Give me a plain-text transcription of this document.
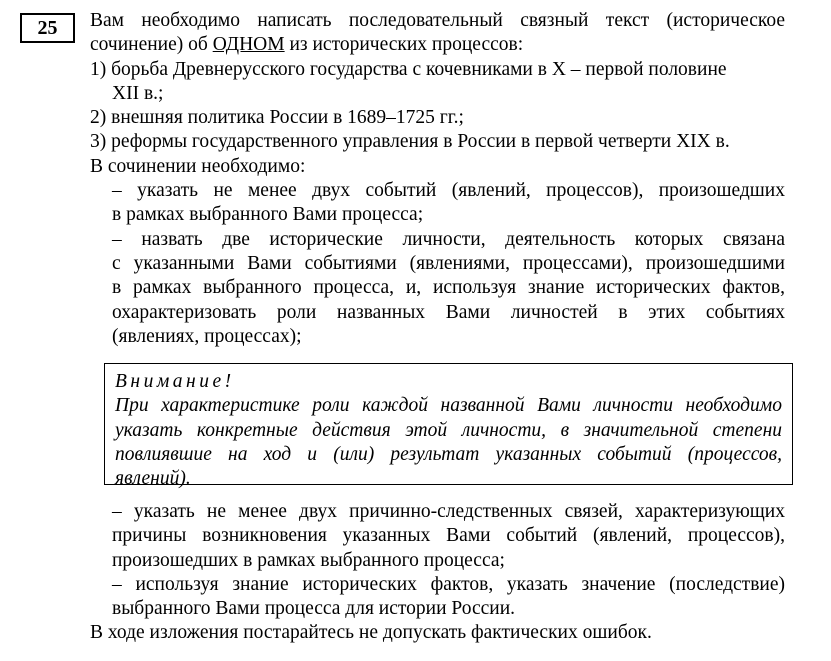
25	Вам необходимо написать последовательный связный текст (историческое
сочинение) об ОДНОМ из исторических процессов:
1) борьба Древнерусского государства с кочевниками в X – первой половине
XII в.;
2) внешняя политика России в 1689–1725 гг.;
3) реформы государственного управления в России в первой четверти XIX в.
В сочинении необходимо:
– указать не менее двух событий (явлений, процессов), произошедших
в рамках выбранного Вами процесса;
– назвать две исторические личности, деятельность которых связана
с указанными Вами событиями (явлениями, процессами), произошедшими
в рамках выбранного процесса, и, используя знание исторических фактов,
охарактеризовать роли названных Вами личностей в этих событиях
(явлениях, процессах);
Внимание!
При характеристике роли каждой названной Вами личности необходимо
указать конкретные действия этой личности, в значительной степени
повлиявшие на ход и (или) результат указанных событий (процессов,
явлений).
– указать не менее двух причинно-следственных связей, характеризующих
причины возникновения указанных Вами событий (явлений, процессов),
произошедших в рамках выбранного процесса;
– используя знание исторических фактов, указать значение (последствие)
выбранного Вами процесса для истории России.
В ходе изложения постарайтесь не допускать фактических ошибок.
